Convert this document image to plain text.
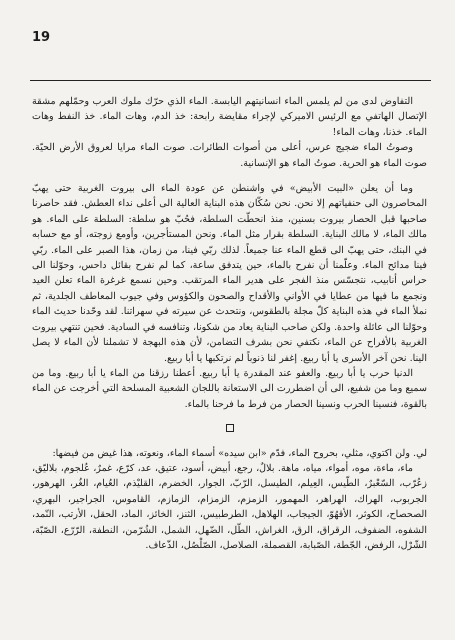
19

التفاوض لدى من لم يلمس الماء انسانيتهم اليابسة. الماء الذي حرّك ملوك العرب وحمّلهم مشقة الإتصال الهاتفي مع الرئيس الاميركي لإجراء مقايضة رابحة: خذ الدم، وهات الماء. خذ النفط وهات الماء. خذنا، وهات الماء!

وصوتُ الماء ضجيج عرس، أعلى من أصوات الطائرات. صوت الماء مرايا لعروق الأرض الحيّة. صوت الماء هو الحرية. صوتُ الماء هو الإنسانية.

وما أن يعلن «البيت الأبيض» في واشنطن عن عودة الماء الى بيروت الغربية حتى يهبّ المحاصرون الى حنفياتهم إلا نحن. نحن سُكّان هذه البناية العالية الى أعلى نداء العطش. فقد حاصرنا صاحبها قبل الحصار بيروت بسنين، منذ انحطّت السلطة، فحُبّ هو سلطة: السلطة على الماء. هو مالك الماء، لا مالك البناية. السلطة بقرار مثل الماء. ونحن المستأجرين، وأومع زوجته، أو مع حسابه في البنك، حتى يهبّ الى قطع الماء عنا جميعاً. لذلك ربّي فينا، من زمان، هذا الصبر على الماء. ربّي فينا مدائح الماء. وعلّمنا أن نفرح بالماء، حين يتدفق ساعة، كما لم نفرح بقائل داحس، وحوّلنا الى حراس أنابيب، نتجسّس منذ الفجر على هدير الماء المرتقب. وحين نسمع غرغرة الماء تعلن العيد ونجمع ما فيها من عطايا في الأواني والأقداح والصحون والكؤوس وفي جيوب المعاطف الجلدية، ثم نملأ الماء في هذه البناية كلّ مجلة بالطقوس، ونتحدث عن سيرته في سهراتنا. لقد وحّدنا حديث الماء وحوّلنا الى عائلة واحدة. ولكن صاحب البناية يعاد من شكونا، وتنافسه في السادية. فحين تنتهي بيروت الغربية بالأفراح عن الماء، نكتفي نحن بشرف التضامن، لأن هذه البهجة لا تشملنا لأن الماء لا يصل الينا. نحن آخر الأسرى يا أبا ربيع. إغفر لنا ذنوباً لم نرتكبها يا أبا ربيع.

الدنيا حرب يا أبا ربيع. والعفو عند المقدرة يا أبا ربيع. أعطنا رزقنا من الماء يا أبا ربيع. وما من سميع وما من شفيع، الى أن اضطررت الى الاستعانة باللجان الشعبية المسلحة التي أخرجت عن الماء بالقوة، فنسينا الحرب ونسينا الحصار من فرط ما فرحنا بالماء.

لي. ولن اكتوي، مثلي، بحروح الماء، فدّم «ابن سيده» أسماء الماء، ونعوته، هذا غيض من فيضها:

ماء، ماءة، موه، أمواء، مياه، ماهة. بلالٌ، رجع، أبيض، أسود، عتيق، عد، كرّع، غمرٌ، عُلجوم، بلاليّق، زعُرّب، السّعْبرٌ، الطّيس، العِيلم، الطيسل، الرّبّ، الجوار، الخضرم، القليْذم، العُيام، الغُر، الهرهور، الجربوب، الهراك، الهراهر، المهمور، الزمزم، الزمزام، الزمازم، القاموس، الجراجير، البهري، الصحصاح، الكوثر، الأقهُوّ، الجيجاب، الهلاهل، الطرطبيس، الثنز، الخائز، الماد، الحقل، الأرتب، النّمد، الشفوه، الضفوف، الرقراق، الرق، الغراش، الطّل، الضّهل، الشمل، الشُرّمن، النطفة، الرّرّع، الصّبّة، الشّرْل، الرفض، الجّطة، الصّبابة، القصملة، الصلاصل، الصّلْصُل، الذّعاف.
